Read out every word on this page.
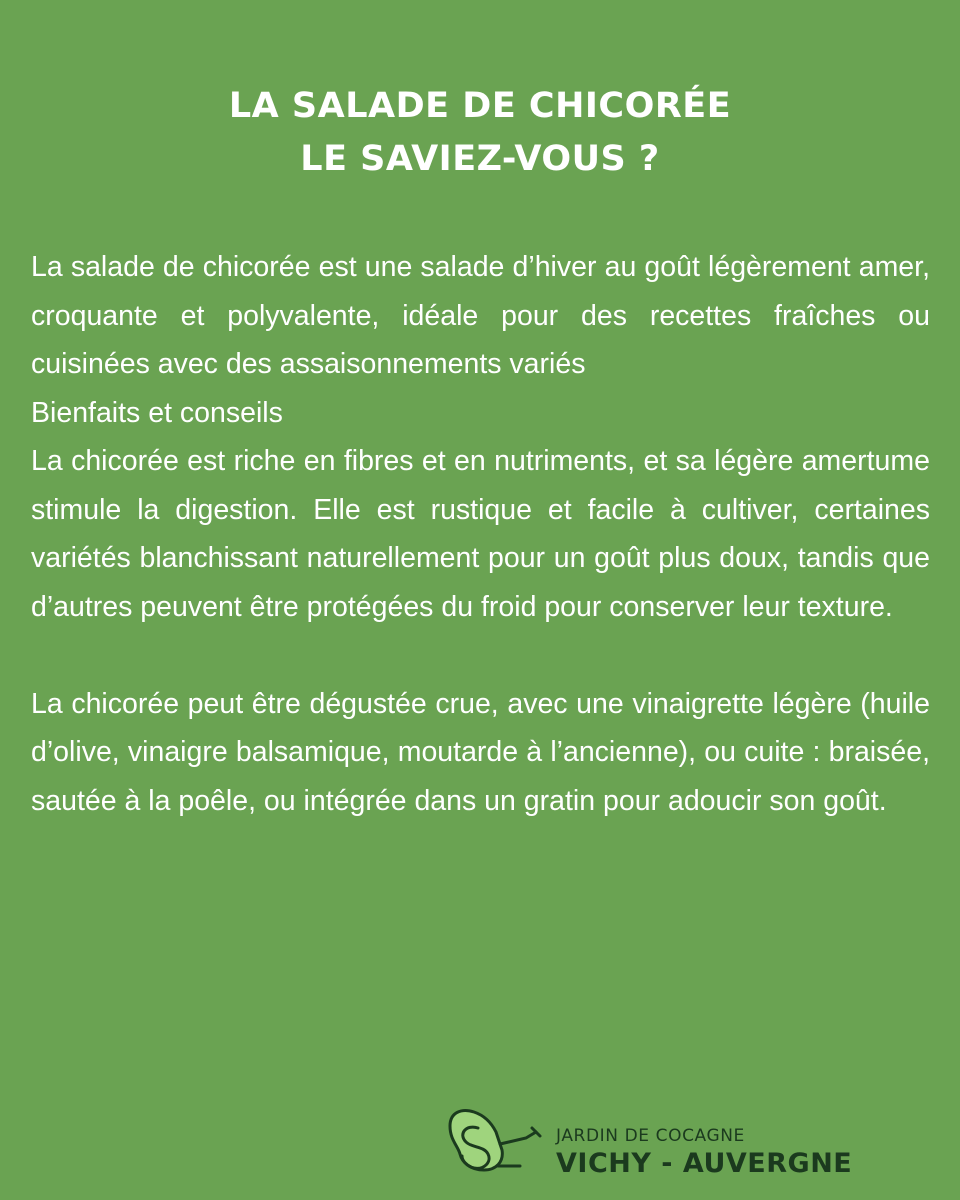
LA SALADE DE CHICORÉE
LE SAVIEZ-VOUS ?

La salade de chicorée est une salade d’hiver au goût légèrement amer, croquante et polyvalente, idéale pour des recettes fraîches ou cuisinées avec des assaisonnements variés

Bienfaits et conseils

La chicorée est riche en fibres et en nutriments, et sa légère amertume stimule la digestion. Elle est rustique et facile à cultiver, certaines variétés blanchissant naturellement pour un goût plus doux, tandis que d’autres peuvent être protégées du froid pour conserver leur texture.

La chicorée peut être dégustée crue, avec une vinaigrette légère (huile d’olive, vinaigre balsamique, moutarde à l’ancienne), ou cuite : braisée, sautée à la poêle, ou intégrée dans un gratin pour adoucir son goût.

JARDIN DE COCAGNE
VICHY - AUVERGNE
